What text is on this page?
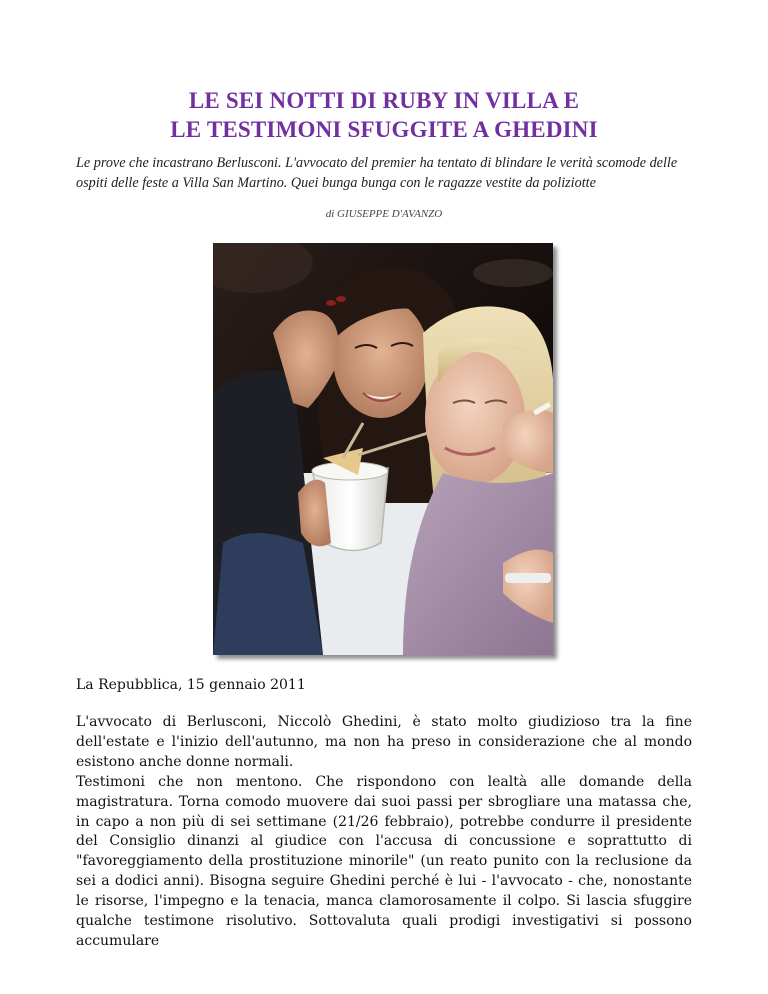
LE SEI NOTTI DI RUBY IN VILLA E
LE TESTIMONI SFUGGITE A GHEDINI
Le prove che incastrano Berlusconi. L'avvocato del premier ha tentato di blindare le verità scomode delle ospiti delle feste a Villa San Martino. Quei bunga bunga con le ragazze vestite da poliziotte
di GIUSEPPE D'AVANZO
La Repubblica, 15 gennaio 2011

L'avvocato di Berlusconi, Niccolò Ghedini, è stato molto giudizioso tra la fine dell'estate e l'inizio dell'autunno, ma non ha preso in considerazione che al mondo esistono anche donne normali.

Testimoni che non mentono. Che rispondono con lealtà alle domande della magistratura. Torna comodo muovere dai suoi passi per sbrogliare una matassa che, in capo a non più di sei settimane (21/26 febbraio), potrebbe condurre il presidente del Consiglio dinanzi al giudice con l'accusa di concussione e soprattutto di "favoreggiamento della prostituzione minorile" (un reato punito con la reclusione da sei a dodici anni). Bisogna seguire Ghedini perché è lui - l'avvocato - che, nonostante le risorse, l'impegno e la tenacia, manca clamorosamente il colpo. Si lascia sfuggire qualche testimone risolutivo. Sottovaluta quali prodigi investigativi si possono accumulare
